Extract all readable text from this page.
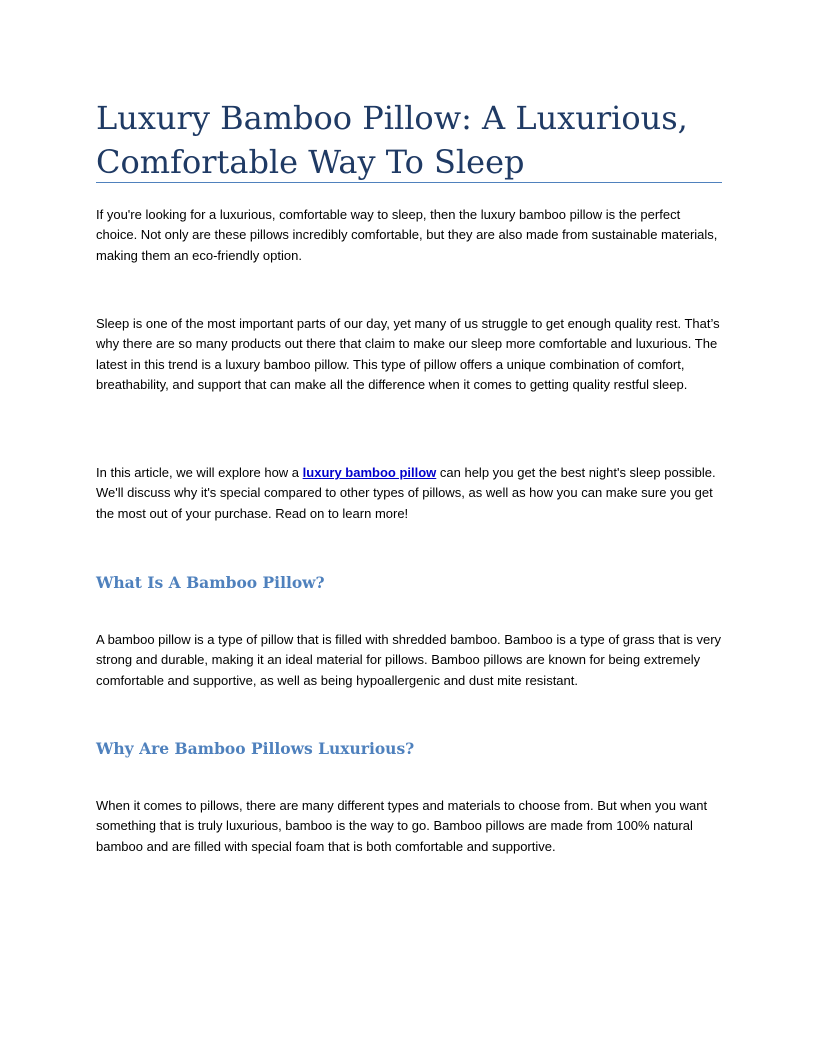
Luxury Bamboo Pillow: A Luxurious, Comfortable Way To Sleep

If you're looking for a luxurious, comfortable way to sleep, then the luxury bamboo pillow is the perfect choice. Not only are these pillows incredibly comfortable, but they are also made from sustainable materials, making them an eco-friendly option.

Sleep is one of the most important parts of our day, yet many of us struggle to get enough quality rest. That’s why there are so many products out there that claim to make our sleep more comfortable and luxurious. The latest in this trend is a luxury bamboo pillow. This type of pillow offers a unique combination of comfort, breathability, and support that can make all the difference when it comes to getting quality restful sleep.

In this article, we will explore how a luxury bamboo pillow can help you get the best night's sleep possible. We'll discuss why it's special compared to other types of pillows, as well as how you can make sure you get the most out of your purchase. Read on to learn more!

What Is A Bamboo Pillow?

A bamboo pillow is a type of pillow that is filled with shredded bamboo. Bamboo is a type of grass that is very strong and durable, making it an ideal material for pillows. Bamboo pillows are known for being extremely comfortable and supportive, as well as being hypoallergenic and dust mite resistant.

Why Are Bamboo Pillows Luxurious?

When it comes to pillows, there are many different types and materials to choose from. But when you want something that is truly luxurious, bamboo is the way to go. Bamboo pillows are made from 100% natural bamboo and are filled with special foam that is both comfortable and supportive.
